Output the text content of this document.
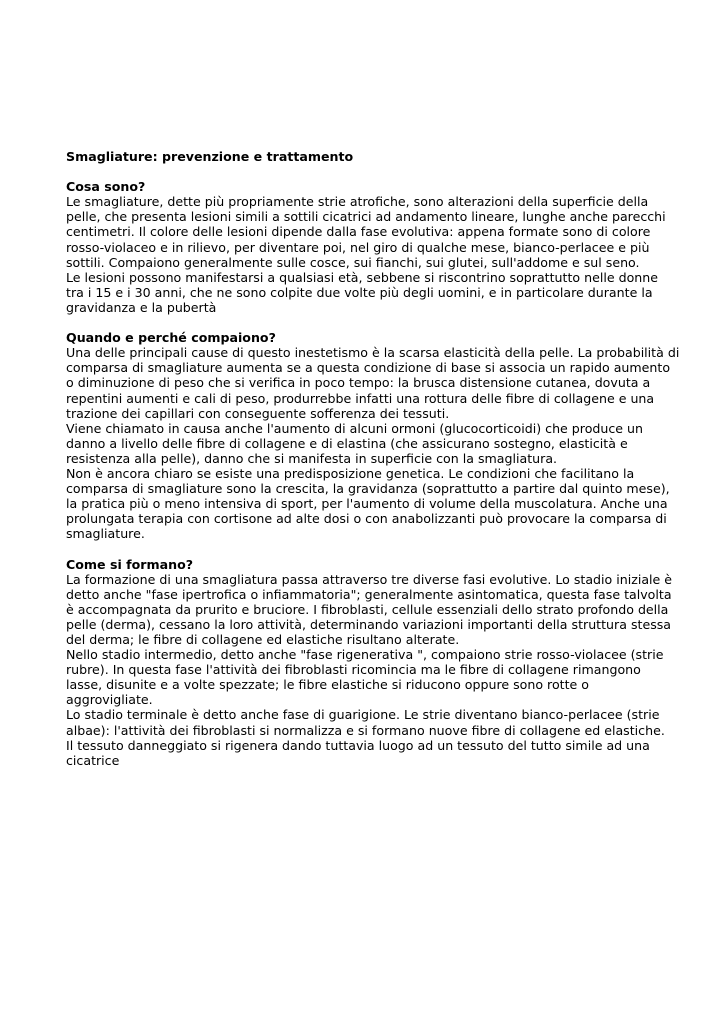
Smagliature: prevenzione e trattamento

Cosa sono?

Le smagliature, dette più propriamente strie atrofiche, sono alterazioni della superficie della

pelle, che presenta lesioni simili a sottili cicatrici ad andamento lineare, lunghe anche parecchi

centimetri. Il colore delle lesioni dipende dalla fase evolutiva: appena formate sono di colore

rosso-violaceo e in rilievo, per diventare poi, nel giro di qualche mese, bianco-perlacee e più

sottili. Compaiono generalmente sulle cosce, sui fianchi, sui glutei, sull'addome e sul seno.

Le lesioni possono manifestarsi a qualsiasi età, sebbene si riscontrino soprattutto nelle donne

tra i 15 e i 30 anni, che ne sono colpite due volte più degli uomini, e in particolare durante la

gravidanza e la pubertà

Quando e perché compaiono?

Una delle principali cause di questo inestetismo è la scarsa elasticità della pelle. La probabilità di

comparsa di smagliature aumenta se a questa condizione di base si associa un rapido aumento

o diminuzione di peso che si verifica in poco tempo: la brusca distensione cutanea, dovuta a

repentini aumenti e cali di peso, produrrebbe infatti una rottura delle fibre di collagene e una

trazione dei capillari con conseguente sofferenza dei tessuti.

Viene chiamato in causa anche l'aumento di alcuni ormoni (glucocorticoidi) che produce un

danno a livello delle fibre di collagene e di elastina (che assicurano sostegno, elasticità e

resistenza alla pelle), danno che si manifesta in superficie con la smagliatura.

Non è ancora chiaro se esiste una predisposizione genetica. Le condizioni che facilitano la

comparsa di smagliature sono la crescita, la gravidanza (soprattutto a partire dal quinto mese),

la pratica più o meno intensiva di sport, per l'aumento di volume della muscolatura. Anche una

prolungata terapia con cortisone ad alte dosi o con anabolizzanti può provocare la comparsa di

smagliature.

Come si formano?

La formazione di una smagliatura passa attraverso tre diverse fasi evolutive. Lo stadio iniziale è

detto anche "fase ipertrofica o infiammatoria"; generalmente asintomatica, questa fase talvolta

è accompagnata da prurito e bruciore. I fibroblasti, cellule essenziali dello strato profondo della

pelle (derma), cessano la loro attività, determinando variazioni importanti della struttura stessa

del derma; le fibre di collagene ed elastiche risultano alterate.

Nello stadio intermedio, detto anche "fase rigenerativa ", compaiono strie rosso-violacee (strie

rubre). In questa fase l'attività dei fibroblasti ricomincia ma le fibre di collagene rimangono

lasse, disunite e a volte spezzate; le fibre elastiche si riducono oppure sono rotte o

aggrovigliate.

Lo stadio terminale è detto anche fase di guarigione. Le strie diventano bianco-perlacee (strie

albae): l'attività dei fibroblasti si normalizza e si formano nuove fibre di collagene ed elastiche.

Il tessuto danneggiato si rigenera dando tuttavia luogo ad un tessuto del tutto simile ad una

cicatrice
